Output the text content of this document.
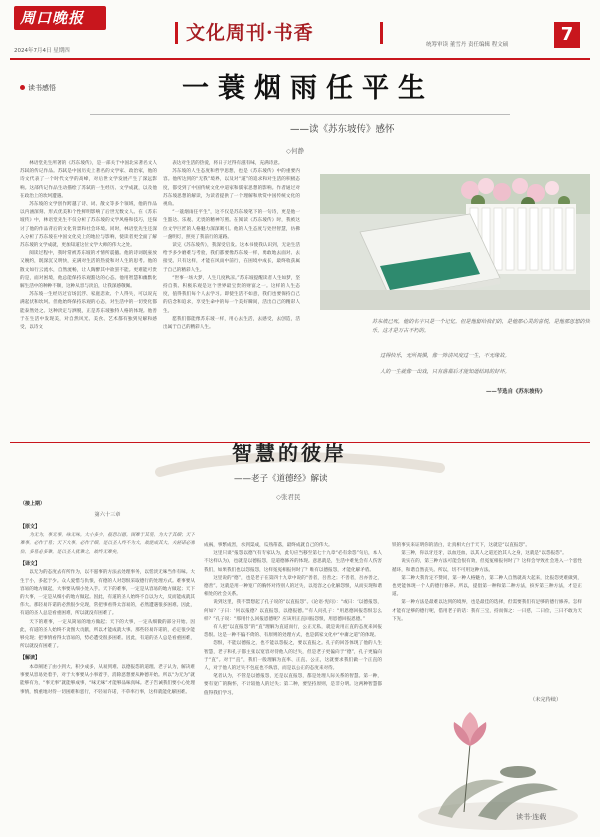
周口晚报
2024年7月4日 星期四
文化周刊·书香
统筹审读 董雪丹 责任编辑 程文硕	7
读书感悟	一蓑烟雨任平生
——读《苏东坡传》感怀
◇何静

林语堂先生所著的《苏东坡传》，是一部关于中国北宋著名文人苏轼的传记作品。苏轼是中国历史上著名的文学家、政治家，他的诗文代表了一个时代文学的高峰，对后世文学发展产生了深远影响。这部传记作品生动描绘了苏轼的一生经历、文学成就，以及他在政治上的坎坷遭遇。

苏东坡的文学创作跨越了诗、词、散文等多个领域，他的作品以内涵深刻、形式优美和个性鲜明影响了后世无数文人。在《苏东坡传》中，林语堂先生不仅分析了苏东坡的文学风格和技巧，还探讨了他的作品背后的文化背景和社会环境。同时，林语堂先生还深入分析了苏东坡在中国文化史上的地位与影响，使读者更全面了解苏东坡的文学成就，更加知道这位文学大师的伟大之处。

阅读过程中，我时常被苏东坡的才情所震撼。他的诗词既豪放又婉约，既深沉又明快，充满对生活的热爱和对人生的思考。他的散文如行云流水，自然流畅，让人陶醉其中欲罢不能。更难能可贵的是，面对困境，他总能保持乐观豁达的心态。他用智慧和幽默化解生活中的种种不顺，这种从容与淡泊，让我深感敬佩。

苏东坡一生经历过官场沉浮、家庭悲欢、个人得失，可以说充满起伏和坎坷。但他始终保持乐观的心态，对生活中的一切变化都能泰然处之。这种淡定与洒脱，正是苏东坡独特人格的体现。他善于在生活中发现美，对自然风光、美食、艺术都有独到见解和感受，以诗文

表达对生活的热爱，将日子过得有滋有味，充满诗意。

苏东坡的人生态度和哲学思想，也是《苏东坡传》中的重要内容。他所达到的“无我”境界，以及对“道”的追求和对生活的积极态度，都受到了中国传统文化中道家和儒家思想的影响。作者通过对苏东坡思想的解读，为读者提供了一个理解和欣赏中国传统文化的视角。

“一蓑烟雨任平生”，这不仅是苏东坡笔下的一句诗，更是他一生豁达、乐观、无畏的精神写照。在阅读《苏东坡传》时，我被这位文学巨匠的人格魅力深深吸引。他的人生态度与处世智慧，仿佛一盏明灯，照亮了我前行的道路。

读完《苏东坡传》，我深受启发。这本书使我认识到，无论生活给予多少磨难与考验，我们都要像苏东坡一样，勇敢地去面对、去接受。只有这样，才能在风雨中前行，在困境中成长，最终收获属于自己的精彩人生。

“世事一场大梦，人生几度秋凉。”苏东坡提醒读者人生如梦，坚持自我、积极乐观是这个世界最宝贵的财富之一。这样的人生态度，值得我们每个人去学习。即使生活不如意，我们也要保持自己的信念和追求，享受生命中的每一个美好瞬间，活出自己的精彩人生。

愿我们都能像苏东坡一样，用心去生活，去感受，去创造，活出属于自己的精彩人生。

苏东坡已死，他的名字只是一个记忆。但是他留给我们的，是他那心灵的喜悦，是他那思想的快乐，这才是万古不朽的。
过得快乐，无所畏惧，像一阵清风度过一生，不无缘故。
人的一生就像一出戏，只有落幕后才能知道结局的好坏。
——节选自《苏东坡传》
智慧的彼岸
——老子《道德经》解读
◇张君民
（接上期）
第六十三章
【原文】

为无为，事无事，味无味。大小多少，报怨以德。图难于其易，为大于其细；天下难事，必作于易；天下大事，必作于细。是以圣人终不为大，故能成其大。夫轻诺必寡信，多易必多难。是以圣人犹难之，故终无难矣。

【译文】

以无为的态度去有所作为，以不滋事的方法去处理事务，以恬淡无味当作有味。大生于小，多起于少。众人爱惜与仇恨，有德的人对怨恨采取德行的处理方式。难事要从容易的地方做起，大事要从细小处入手。天下的难事，一定是从容易的地方做起；天下的大事，一定是从细小的地方做起。因此，有道的圣人始终不自以为大，反而能成就其伟大。那轻易许诺的必然很少兑现，常把事看得太容易的，必然遭遇很多困难。因此，有道的圣人总是看重困难，所以就没有困难了。

天下的难事，一定从简易的地方做起；天下的大事，一定从细微的部分开始。因此，有道的圣人始终不贪图大贡献，所以才能成就大事。那些轻易许诺的，必定很少能够兑现；把事情看得太容易的，势必遭受很多困难。因此，有道的圣人总是看重困难，所以就没有困难了。

【解读】

本章阐述了由小到大、积少成多，从易到难、以德报怨的道理。老子认为，解决难事要从容易处着手，对于大事要从小事着手，消除恶想要从种德开始。所以“为无为”就能够有为，“事无事”就能够成事，“味无味”才能够品味真味。老子告诫我们要小心处理事情，慎重地对待一切困难和恶行，不轻易许诺，不草率行事，这样就能化解困难。

成祸，事繁成害，水到渠成，瓜熟蒂落，最终成就自己的伟大。

这里只谈“报怨以德”(有专家认为，此句应当移至第七十九章“必有余怨”句后，本人不这样认为)，也就是以德报怨，是道德修养的体现。意思就是，生活中难免会有人伤害我们，如果我们也以怨报怨，这样冤冤相报何时了？唯有以德报怨，才能化解矛盾。

这里说的“德”，也是老子在第四十九章中说的“善者，吾善之；不善者，吾亦善之，德善”。这就是用一种宽广的胸怀对待别人的过失，以宽容之心化解怨恨，从而实现和谐相处的社会关系。

说到这里，我不禁想起了孔子说的“以直报怨”。《论语·宪问》：“或曰：‘以德报怨，何如？’子曰：‘何以报德？以直报怨，以德报德。’”有人问孔子：“用恩德回报怨恨怎么样？”孔子说：“那用什么回报恩德呢？应该用正直回报怨恨，用恩德回报恩德。”

有人把“以直报怨”的“直”理解为直道而行，公正无私，就是说用正直的态度来回报怨恨。这是一种不偏不倚的、有原则的处理方式，也是儒家文化中“中庸之道”的体现。

怨恨，不能以德报之，也不能以怨报之，要以直报之。孔子的回答体现了他的人生智慧，老子和孔子都主张以宽容对待他人的过失，但是老子更偏向于“德”，孔子更偏向于“直”。对于“直”，我们一般理解为直率、正直、公正，这就要求我们做一个正直的人，对于他人的过失不包庇也不纵容，而是以公正的态度来对待。

笔者认为，不管是以德报怨，还是以直报怨，都是处理人际关系的智慧。第一种，要有宽广的胸怀，不计较他人的过失；第二种，要坚持原则，是非分明。这两种智慧都值得我们学习。

铁的事实来证明你的清白，让真相大白于天下，这就是“以直报怨”。

第三种，你以牙还牙，以血还血，以其人之道还治其人之身，这就是“以怨报怨”。

说实在的，第三种方法可能会很有效，但冤冤相报何时了？这样会导致社会进入一个恶性循环，和谐自然丧失。所以，切不可用这种方法。

第二种大我肯定不赞同，第一种人格魅力，第二种人自然就高大起来，比报怨更难做到，也更能体现一个人的德行修养。所以，提倡第一种和第二种方法，摈弃第三种方法，才是正道。

第一种方法是最难以达到的境界，也是最佳的选择，但需要我们有足够的德行修养。怎样才能有足够的德行呢，借用老子的话：我有三宝，持而保之：一曰慈，二曰俭，三曰不敢为天下先。

（未完待续）
读书·连载
